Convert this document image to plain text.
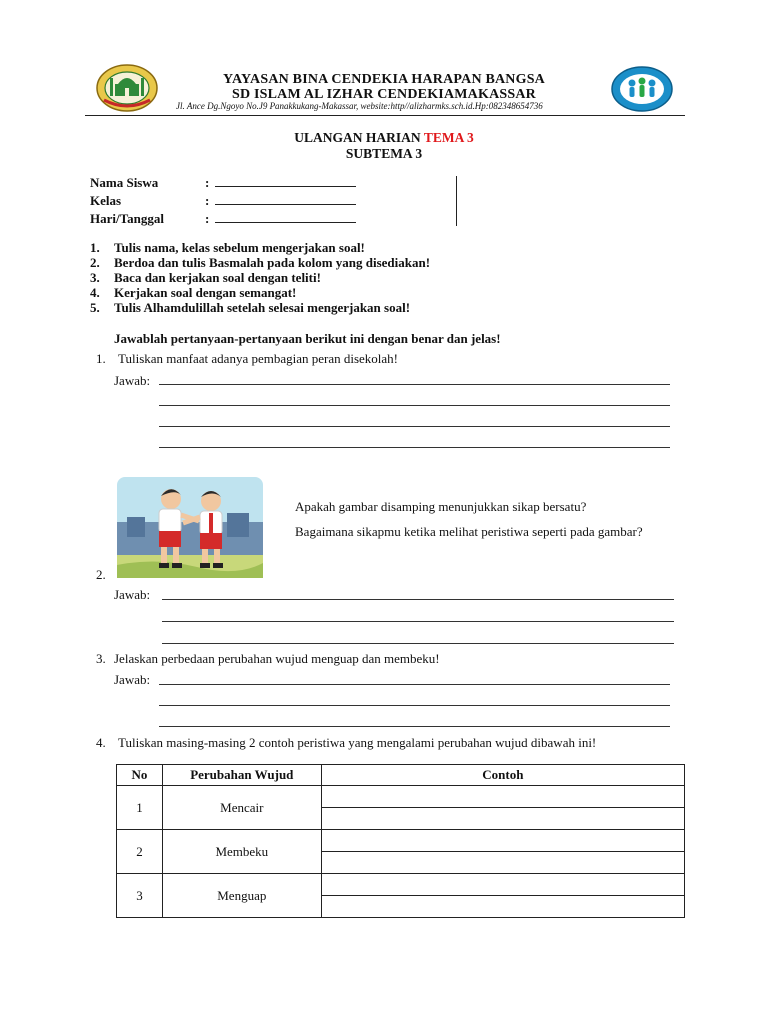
YAYASAN BINA CENDEKIA HARAPAN BANGSA
SD ISLAM AL IZHAR CENDEKIAMAKASSAR
Jl. Ance Dg.Ngoyo No.J9 Panakkukang-Makassar, website:http//alizharmks.sch.id.Hp:082348654736
ULANGAN HARIAN TEMA 3
SUBTEMA 3
Nama Siswa	:
Kelas	:
Hari/Tanggal	:
1. Tulis nama, kelas sebelum mengerjakan soal!
2. Berdoa dan tulis Basmalah pada kolom yang disediakan!
3. Baca dan kerjakan soal dengan teliti!
4. Kerjakan soal dengan semangat!
5. Tulis Alhamdulillah setelah selesai mengerjakan soal!
Jawablah pertanyaan-pertanyaan berikut ini dengan benar dan jelas!
1. Tuliskan manfaat adanya pembagian peran disekolah!
Jawab:
Apakah gambar disamping menunjukkan sikap bersatu?
Bagaimana sikapmu ketika melihat peristiwa seperti pada gambar?
2.
Jawab:
3. Jelaskan perbedaan perubahan wujud menguap dan membeku!
Jawab:
4. Tuliskan masing-masing 2 contoh peristiwa yang mengalami perubahan wujud dibawah ini!
No	Perubahan Wujud	Contoh
1	Mencair	

2	Membeku	

3	Menguap	
